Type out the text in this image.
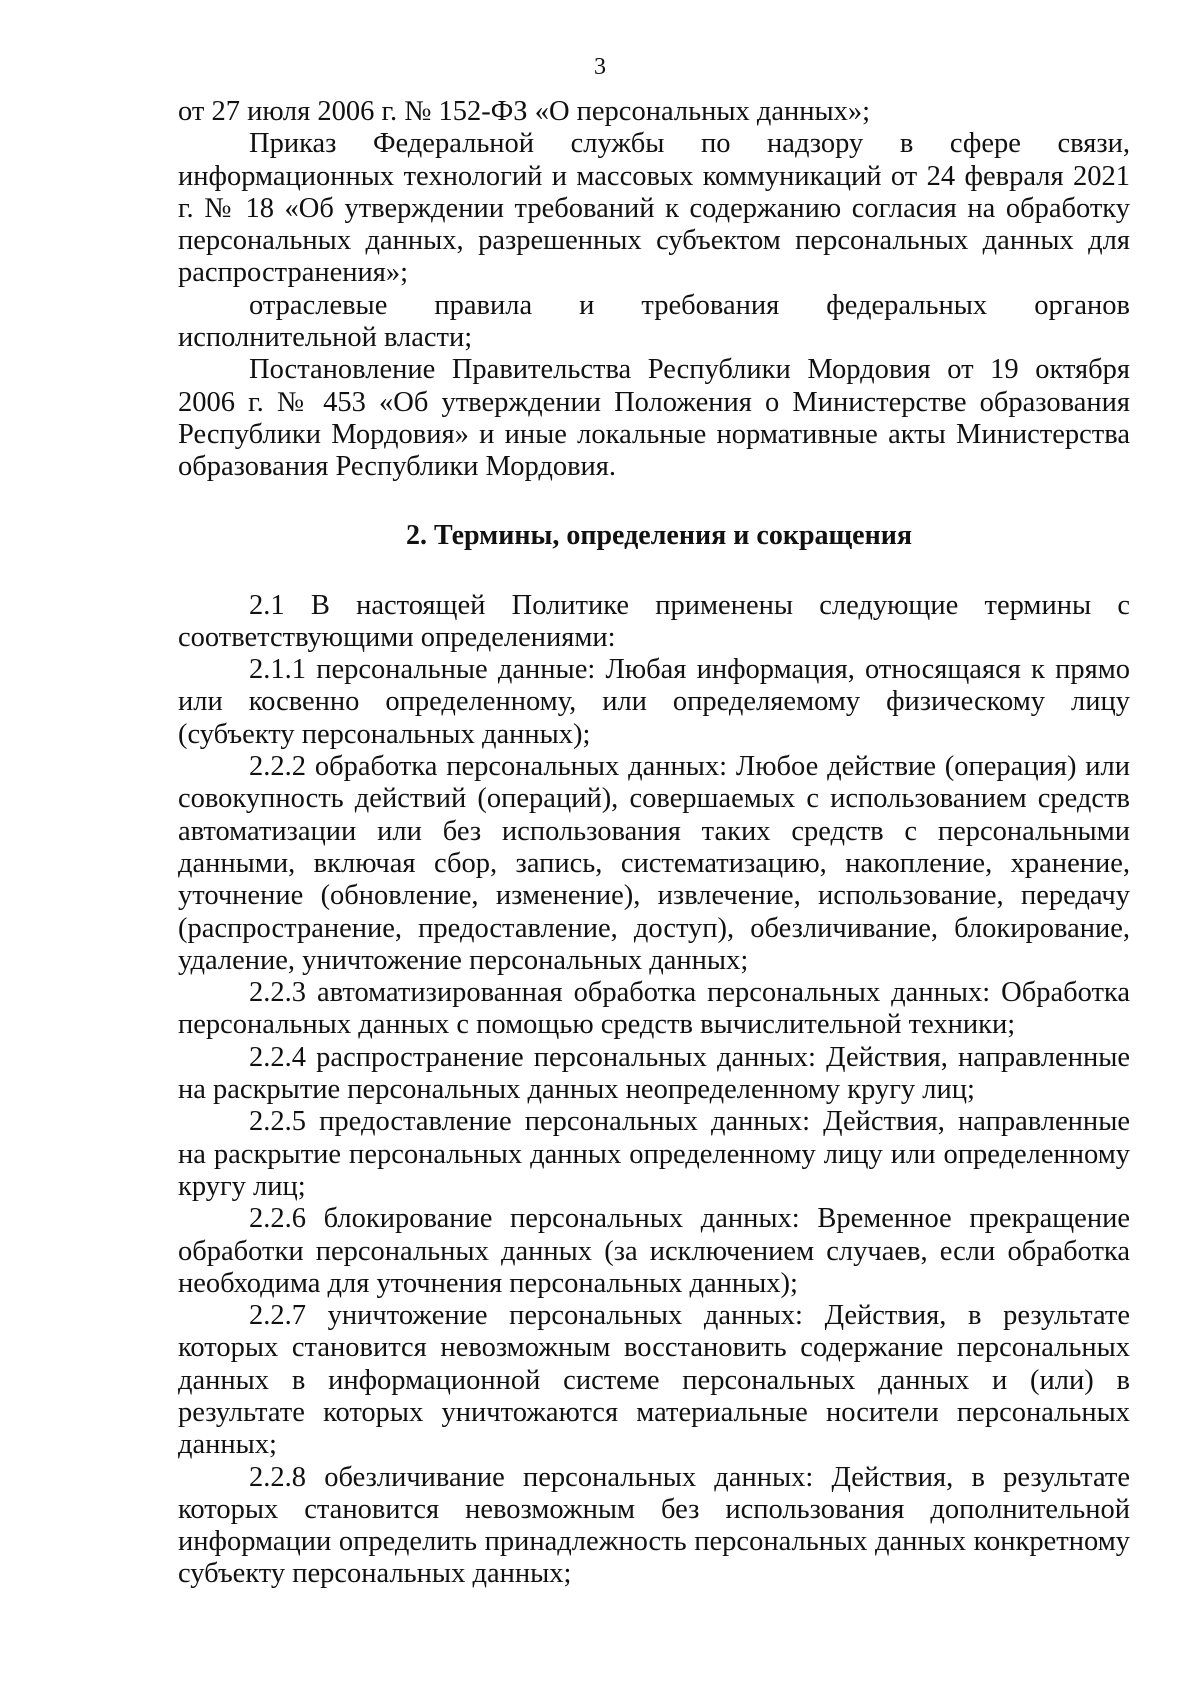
3

от 27 июля 2006 г. № 152-ФЗ «О персональных данных»;

Приказ Федеральной службы по надзору в сфере связи, информационных технологий и массовых коммуникаций от 24 февраля 2021 г. № 18 «Об утверждении требований к содержанию согласия на обработку персональных данных, разрешенных субъектом персональных данных для распространения»;

отраслевые правила и требования федеральных органов исполнительной власти;

Постановление Правительства Республики Мордовия от 19 октября 2006 г. № 453 «Об утверждении Положения о Министерстве образования Республики Мордовия» и иные локальные нормативные акты Министерства образования Республики Мордовия.

2. Термины, определения и сокращения

2.1 В настоящей Политике применены следующие термины с соответствующими определениями:

2.1.1 персональные данные: Любая информация, относящаяся к прямо или косвенно определенному, или определяемому физическому лицу (субъекту персональных данных);

2.2.2 обработка персональных данных: Любое действие (операция) или совокупность действий (операций), совершаемых с использованием средств автоматизации или без использования таких средств с персональными данными, включая сбор, запись, систематизацию, накопление, хранение, уточнение (обновление, изменение), извлечение, использование, передачу (распространение, предоставление, доступ), обезличивание, блокирование, удаление, уничтожение персональных данных;

2.2.3 автоматизированная обработка персональных данных: Обработка персональных данных с помощью средств вычислительной техники;

2.2.4 распространение персональных данных: Действия, направленные на раскрытие персональных данных неопределенному кругу лиц;

2.2.5 предоставление персональных данных: Действия, направленные на раскрытие персональных данных определенному лицу или определенному кругу лиц;

2.2.6 блокирование персональных данных: Временное прекращение обработки персональных данных (за исключением случаев, если обработка необходима для уточнения персональных данных);

2.2.7 уничтожение персональных данных: Действия, в результате которых становится невозможным восстановить содержание персональных данных в информационной системе персональных данных и (или) в результате которых уничтожаются материальные носители персональных данных;

2.2.8 обезличивание персональных данных: Действия, в результате которых становится невозможным без использования дополнительной информации определить принадлежность персональных данных конкретному субъекту персональных данных;
